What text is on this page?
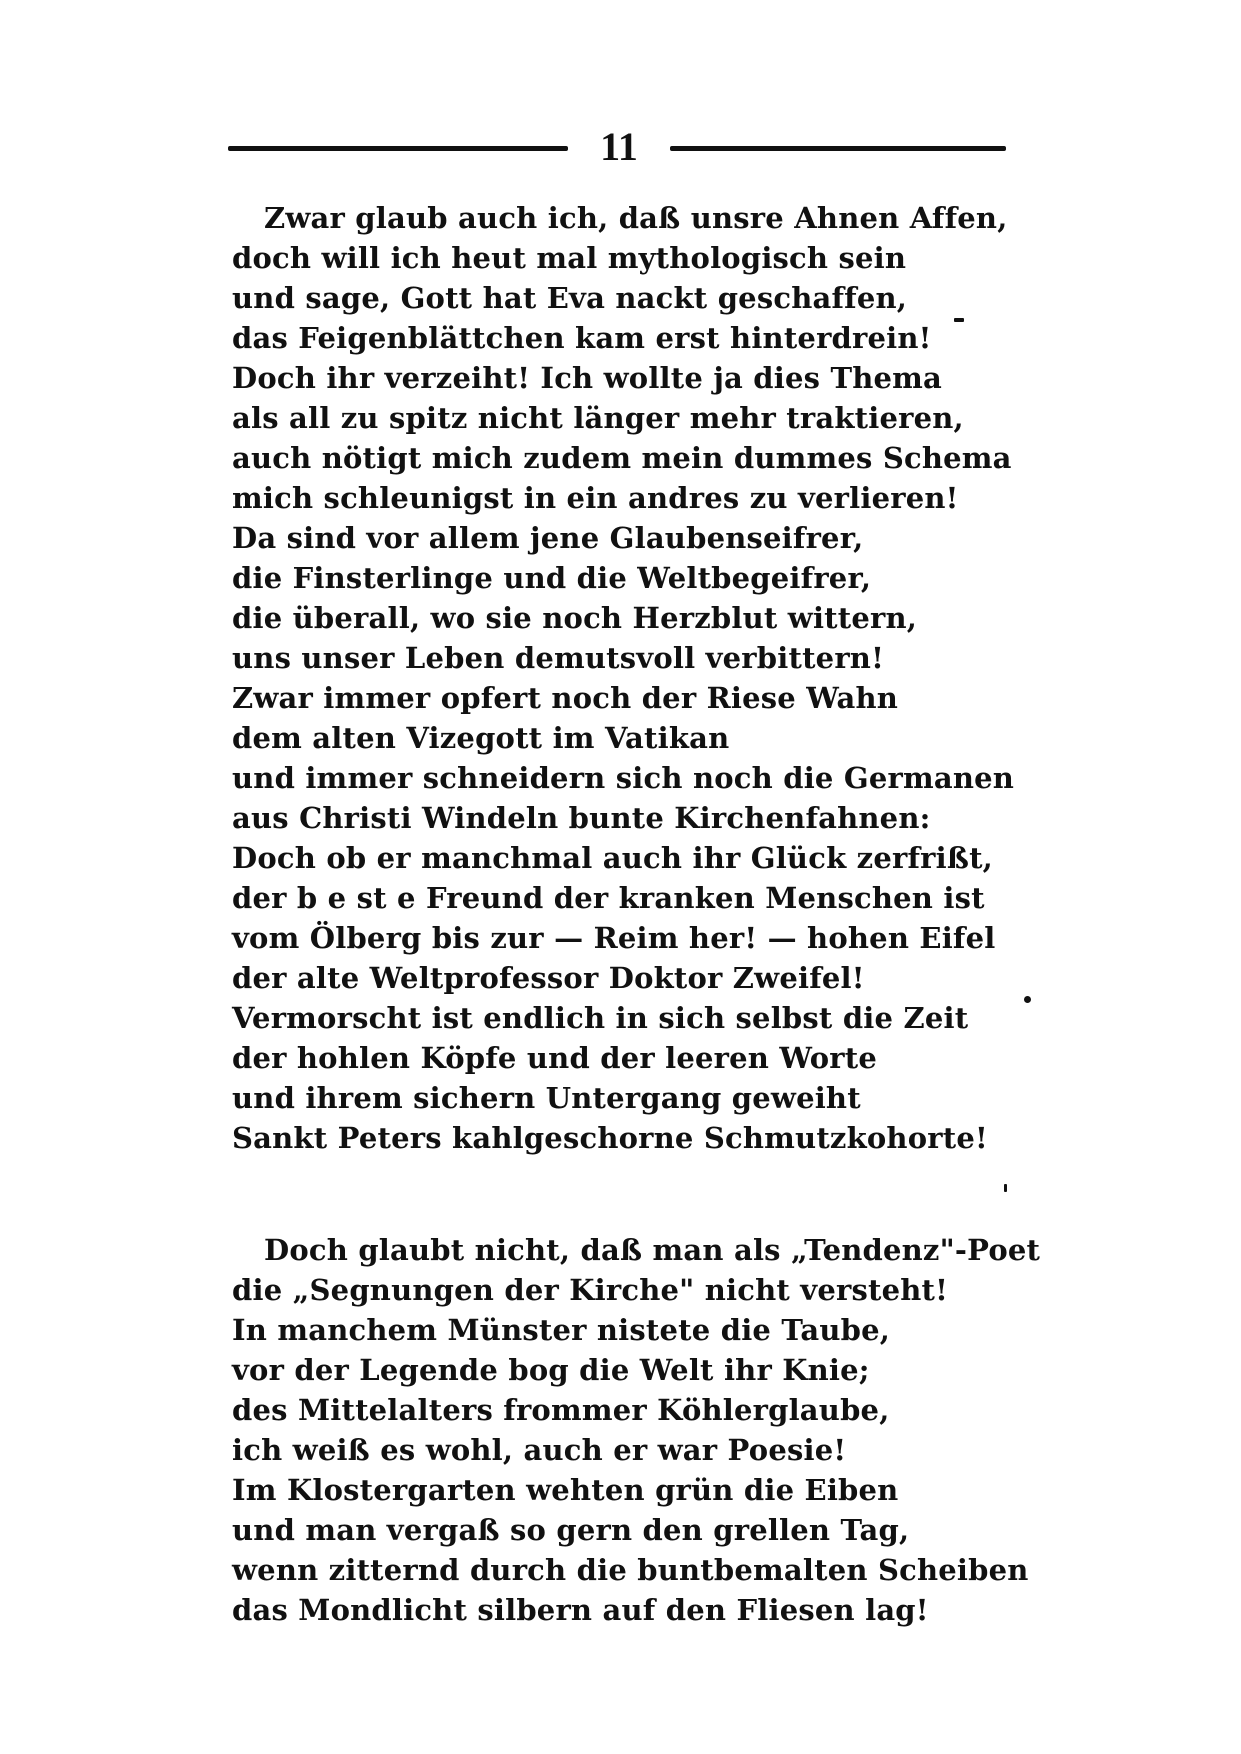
11
Zwar glaub auch ich, daß unsre Ahnen Affen,
doch will ich heut mal mythologisch sein
und sage, Gott hat Eva nackt geschaffen,
das Feigenblättchen kam erst hinterdrein!
Doch ihr verzeiht! Ich wollte ja dies Thema
als all zu spitz nicht länger mehr traktieren,
auch nötigt mich zudem mein dummes Schema
mich schleunigst in ein andres zu verlieren!
Da sind vor allem jene Glaubenseifrer,
die Finsterlinge und die Weltbegeifrer,
die überall, wo sie noch Herzblut wittern,
uns unser Leben demutsvoll verbittern!
Zwar immer opfert noch der Riese Wahn
dem alten Vizegott im Vatikan
und immer schneidern sich noch die Germanen
aus Christi Windeln bunte Kirchenfahnen:
Doch ob er manchmal auch ihr Glück zerfrißt,
der b e st e Freund der kranken Menschen ist
vom Ölberg bis zur — Reim her! — hohen Eifel
der alte Weltprofessor Doktor Zweifel!
Vermorscht ist endlich in sich selbst die Zeit
der hohlen Köpfe und der leeren Worte
und ihrem sichern Untergang geweiht
Sankt Peters kahlgeschorne Schmutzkohorte!
Doch glaubt nicht, daß man als „Tendenz"-Poet
die „Segnungen der Kirche" nicht versteht!
In manchem Münster nistete die Taube,
vor der Legende bog die Welt ihr Knie;
des Mittelalters frommer Köhlerglaube,
ich weiß es wohl, auch er war Poesie!
Im Klostergarten wehten grün die Eiben
und man vergaß so gern den grellen Tag,
wenn zitternd durch die buntbemalten Scheiben
das Mondlicht silbern auf den Fliesen lag!
